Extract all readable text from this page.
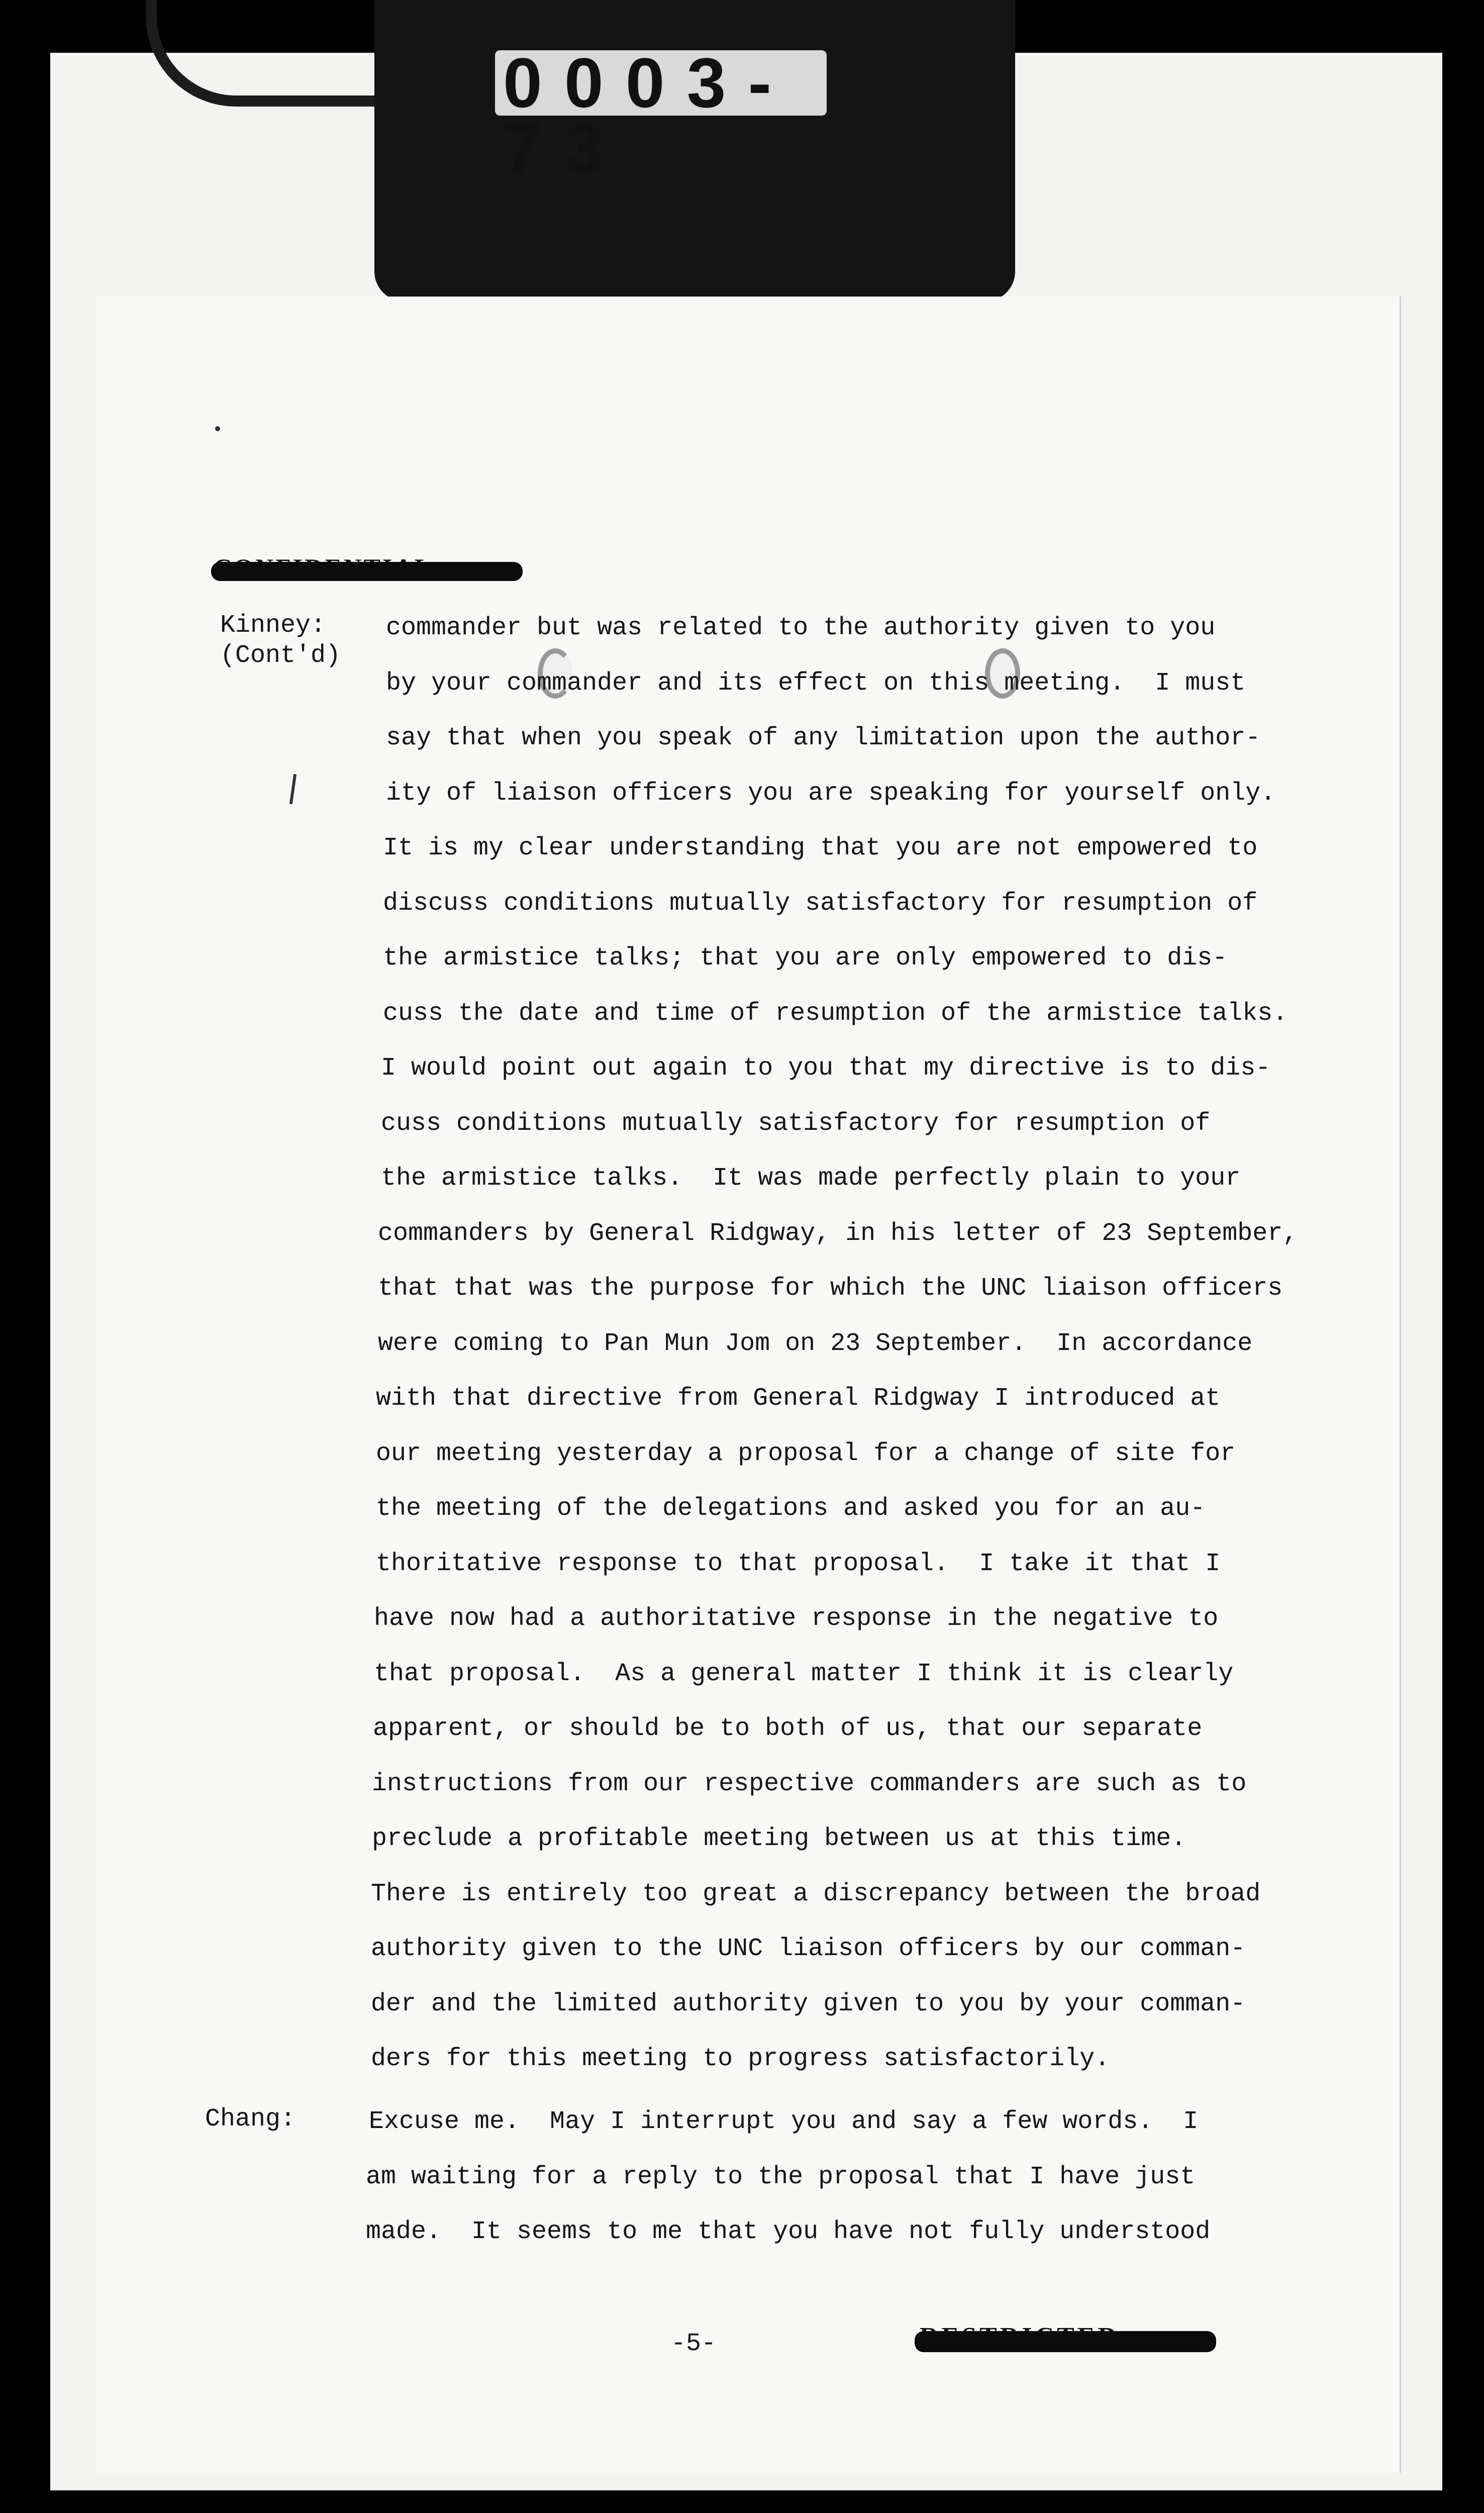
0003-73
Kinney:
(Cont'd)
Chang:
commander but was related to the authority given to you
by your commander and its effect on this meeting.  I must
say that when you speak of any limitation upon the author-
ity of liaison officers you are speaking for yourself only.
It is my clear understanding that you are not empowered to
discuss conditions mutually satisfactory for resumption of
the armistice talks; that you are only empowered to dis-
cuss the date and time of resumption of the armistice talks.
I would point out again to you that my directive is to dis-
cuss conditions mutually satisfactory for resumption of
the armistice talks.  It was made perfectly plain to your
commanders by General Ridgway, in his letter of 23 September,
that that was the purpose for which the UNC liaison officers
were coming to Pan Mun Jom on 23 September.  In accordance
with that directive from General Ridgway I introduced at
our meeting yesterday a proposal for a change of site for
the meeting of the delegations and asked you for an au-
thoritative response to that proposal.  I take it that I
have now had a authoritative response in the negative to
that proposal.  As a general matter I think it is clearly
apparent, or should be to both of us, that our separate
instructions from our respective commanders are such as to
preclude a profitable meeting between us at this time.
There is entirely too great a discrepancy between the broad
authority given to the UNC liaison officers by our comman-
der and the limited authority given to you by your comman-
ders for this meeting to progress satisfactorily.
Excuse me.  May I interrupt you and say a few words.  I
am waiting for a reply to the proposal that I have just
made.  It seems to me that you have not fully understood
-5-
